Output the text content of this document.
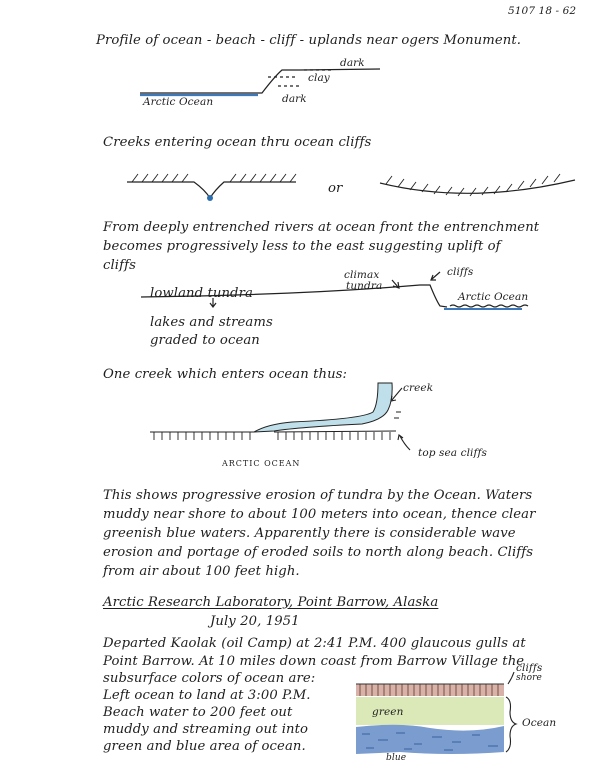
5107 18 - 62
Profile of ocean - beach - cliff - uplands near ogers Monument.
dark
clay
dark
Arctic Ocean
Creeks entering ocean thru ocean cliffs
or
From deeply entrenched rivers at ocean front the entrenchment
becomes progressively less to the east suggesting uplift of
cliffs
climax
tundra
cliffs
lowland tundra	Arctic Ocean
lakes and streams
graded to ocean
One creek which enters ocean thus:
creek
ARCTIC OCEAN
top sea cliffs
This shows progressive erosion of tundra by the Ocean. Waters
muddy near shore to about 100 meters into ocean, thence clear
greenish blue waters. Apparently there is considerable wave
erosion and portage of eroded soils to north along beach. Cliffs
from air about 100 feet high.
Arctic Research Laboratory, Point Barrow, Alaska
July 20, 1951
Departed Kaolak (oil Camp) at 2:41 P.M. 400 glaucous gulls at
Point Barrow. At 10 miles down coast from Barrow Village the
subsurface colors of ocean are:
Left ocean to land at 3:00 P.M.
Beach water to 200 feet out
muddy and streaming out into
green and blue area of ocean.
cliffs
shore
green
Ocean
blue
